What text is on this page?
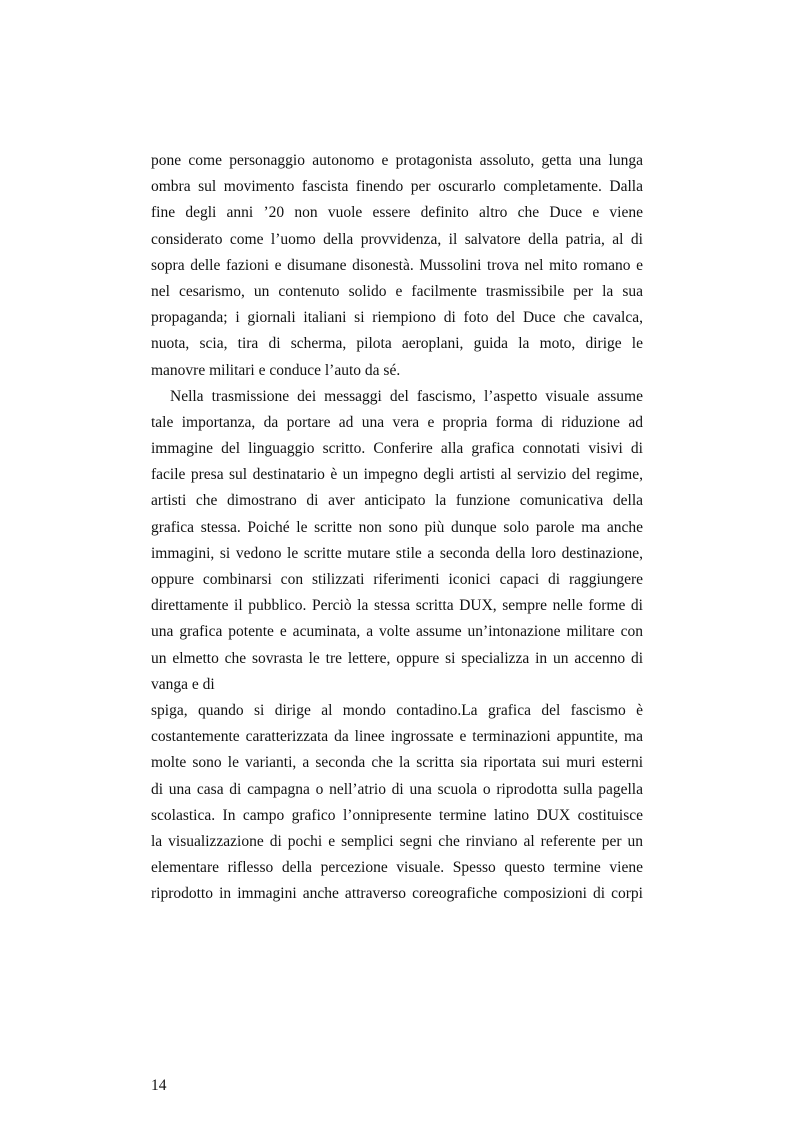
pone come personaggio autonomo e protagonista assoluto, getta una lunga
ombra sul movimento fascista finendo per oscurarlo completamente. Dalla
fine degli anni ’20 non vuole essere definito altro che Duce e viene
considerato come l’uomo della provvidenza, il salvatore della patria, al di
sopra delle fazioni e disumane disonestà. Mussolini trova nel mito romano e
nel cesarismo, un contenuto solido e facilmente trasmissibile per la sua
propaganda; i giornali italiani si riempiono di foto del Duce che cavalca,
nuota, scia, tira di scherma, pilota aeroplani, guida la moto, dirige le
manovre militari e conduce l’auto da sé.
Nella trasmissione dei messaggi del fascismo, l’aspetto visuale assume
tale importanza, da portare ad una vera e propria forma di riduzione ad
immagine del linguaggio scritto. Conferire alla grafica connotati visivi di
facile presa sul destinatario è un impegno degli artisti al servizio del regime,
artisti che dimostrano di aver anticipato la funzione comunicativa della
grafica stessa. Poiché le scritte non sono più dunque solo parole ma anche
immagini, si vedono le scritte mutare stile a seconda della loro destinazione,
oppure combinarsi con stilizzati riferimenti iconici capaci di raggiungere
direttamente il pubblico. Perciò la stessa scritta DUX, sempre nelle forme di
una grafica potente e acuminata, a volte assume un’intonazione militare con
un elmetto che sovrasta le tre lettere, oppure si specializza in un accenno di
vanga e di
spiga, quando si dirige al mondo contadino.La grafica del fascismo è
costantemente caratterizzata da linee ingrossate e terminazioni appuntite, ma
molte sono le varianti, a seconda che la scritta sia riportata sui muri esterni
di una casa di campagna o nell’atrio di una scuola o riprodotta sulla pagella
scolastica. In campo grafico l’onnipresente termine latino DUX costituisce
la visualizzazione di pochi e semplici segni che rinviano al referente per un
elementare riflesso della percezione visuale. Spesso questo termine viene
riprodotto in immagini anche attraverso coreografiche composizioni di corpi
14
